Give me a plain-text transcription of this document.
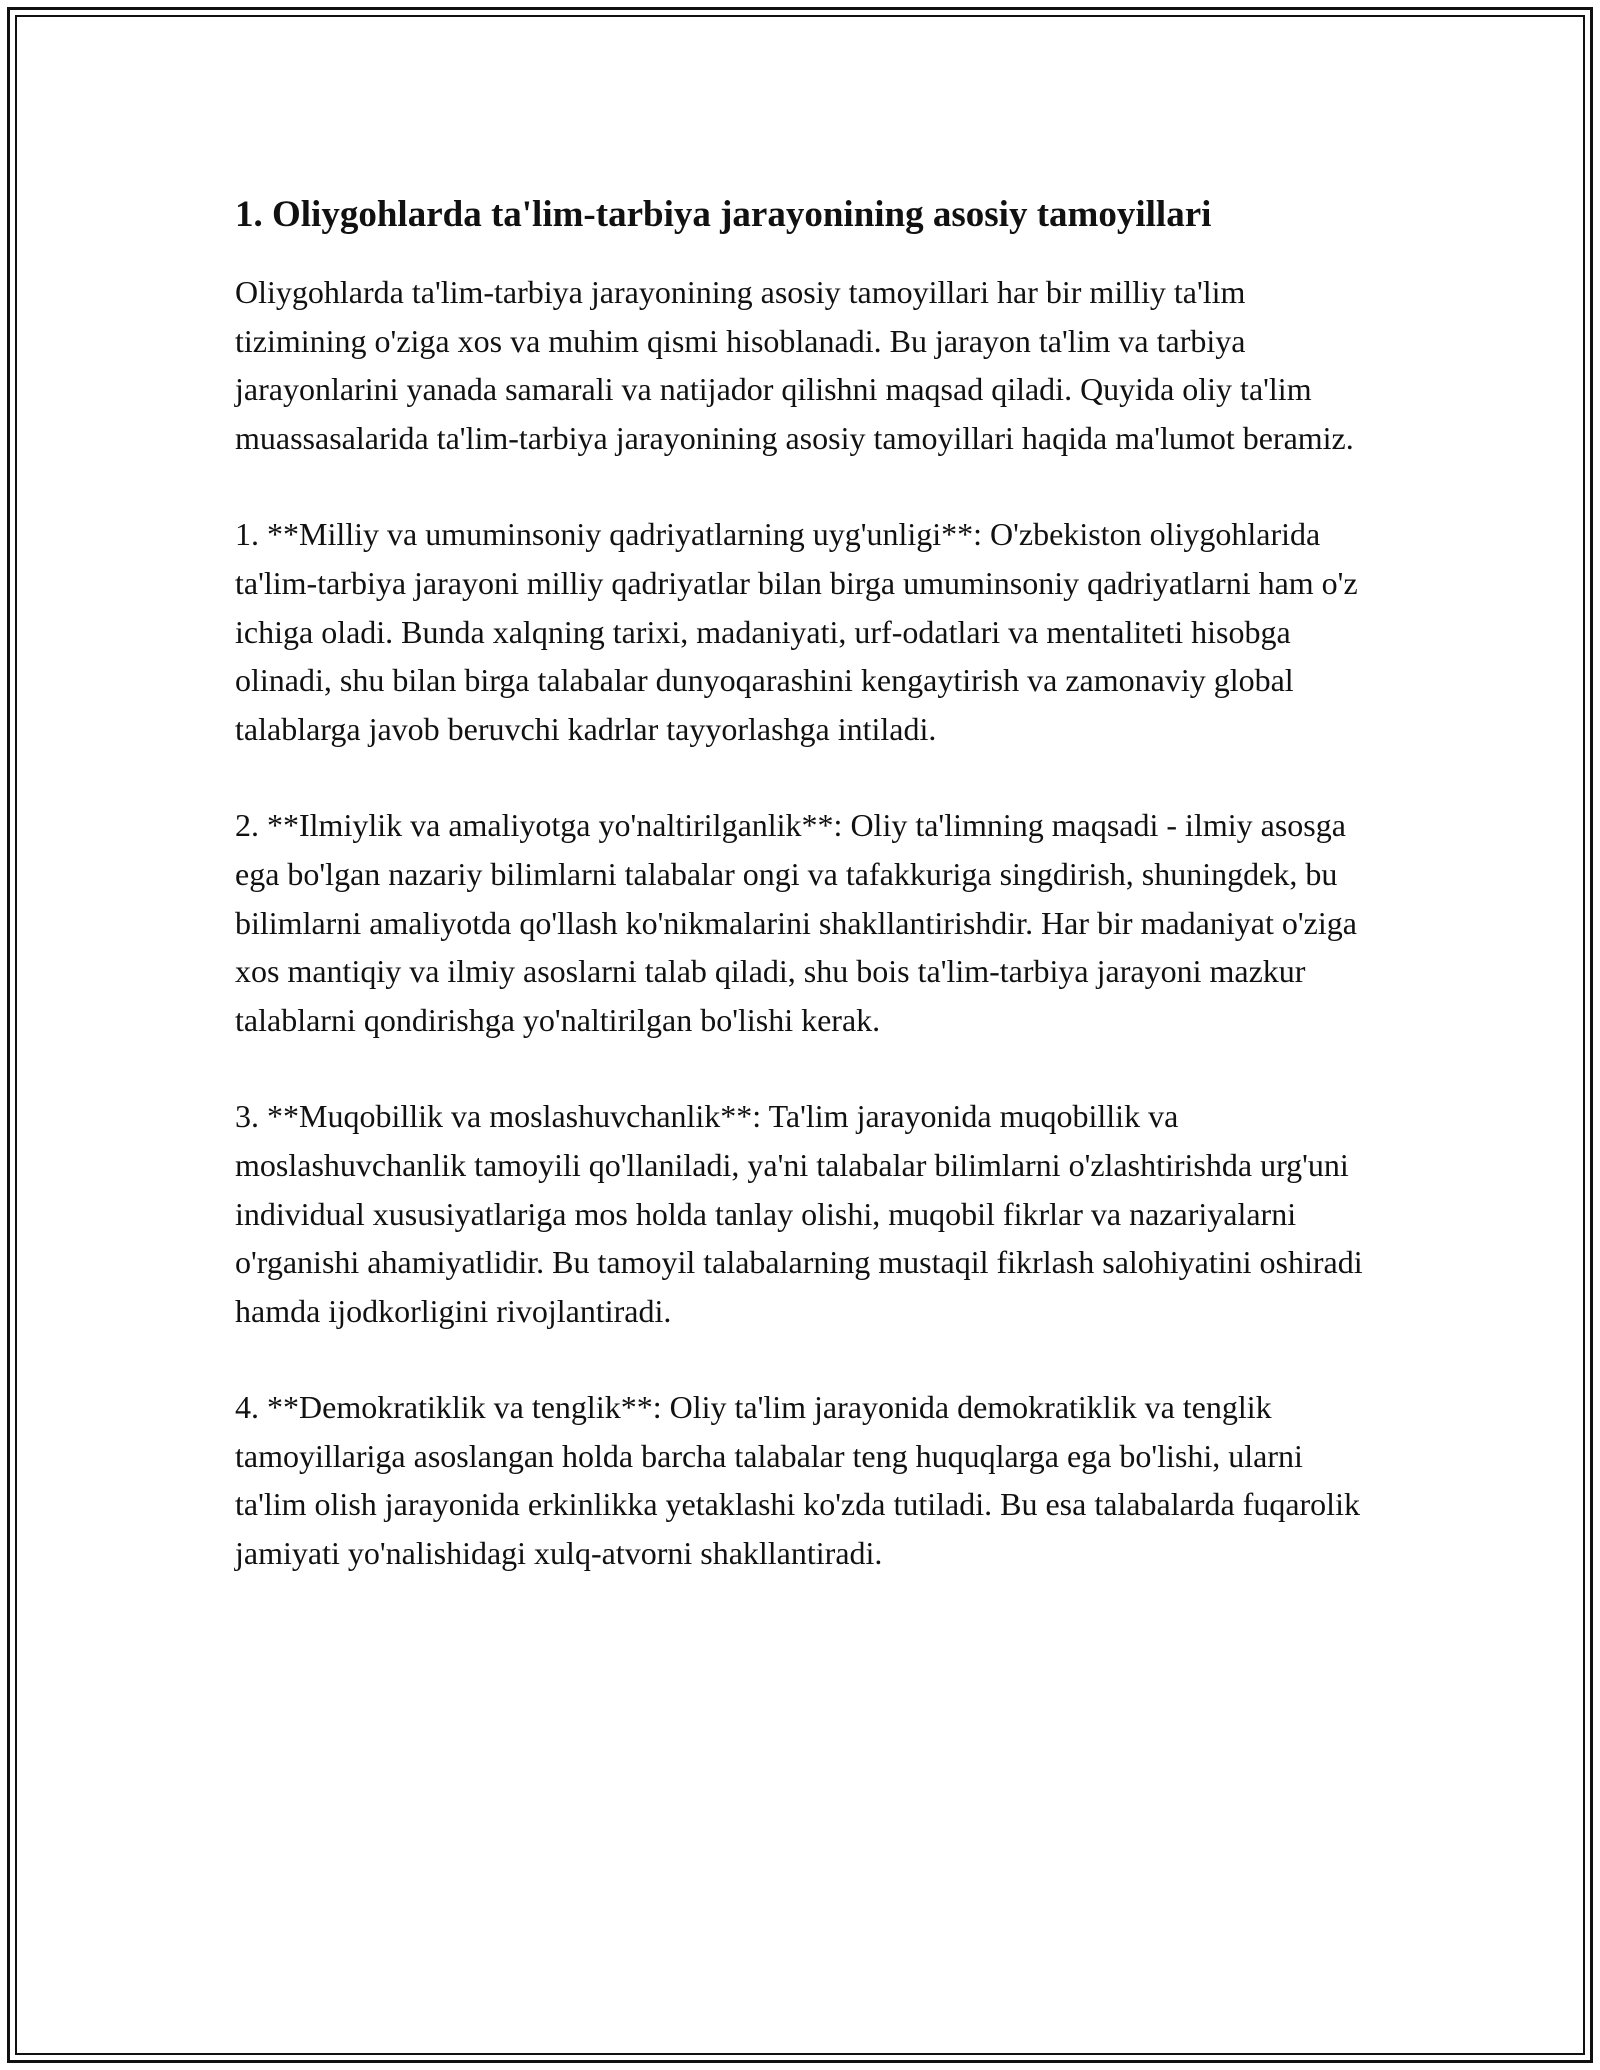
1. Oliygohlarda ta'lim-tarbiya jarayonining asosiy tamoyillari

Oliygohlarda ta'lim-tarbiya jarayonining asosiy tamoyillari har bir milliy ta'lim tizimining o'ziga xos va muhim qismi hisoblanadi. Bu jarayon ta'lim va tarbiya jarayonlarini yanada samarali va natijador qilishni maqsad qiladi. Quyida oliy ta'lim muassasalarida ta'lim-tarbiya jarayonining asosiy tamoyillari haqida ma'lumot beramiz.

1. **Milliy va umuminsoniy qadriyatlarning uyg'unligi**: O'zbekiston oliygohlarida ta'lim-tarbiya jarayoni milliy qadriyatlar bilan birga umuminsoniy qadriyatlarni ham o'z ichiga oladi. Bunda xalqning tarixi, madaniyati, urf-odatlari va mentaliteti hisobga olinadi, shu bilan birga talabalar dunyoqarashini kengaytirish va zamonaviy global talablarga javob beruvchi kadrlar tayyorlashga intiladi.

2. **Ilmiylik va amaliyotga yo'naltirilganlik**: Oliy ta'limning maqsadi - ilmiy asosga ega bo'lgan nazariy bilimlarni talabalar ongi va tafakkuriga singdirish, shuningdek, bu bilimlarni amaliyotda qo'llash ko'nikmalarini shakllantirishdir. Har bir madaniyat o'ziga xos mantiqiy va ilmiy asoslarni talab qiladi, shu bois ta'lim-tarbiya jarayoni mazkur talablarni qondirishga yo'naltirilgan bo'lishi kerak.

3. **Muqobillik va moslashuvchanlik**: Ta'lim jarayonida muqobillik va moslashuvchanlik tamoyili qo'llaniladi, ya'ni talabalar bilimlarni o'zlashtirishda urg'uni individual xususiyatlariga mos holda tanlay olishi, muqobil fikrlar va nazariyalarni o'rganishi ahamiyatlidir. Bu tamoyil talabalarning mustaqil fikrlash salohiyatini oshiradi hamda ijodkorligini rivojlantiradi.

4. **Demokratiklik va tenglik**: Oliy ta'lim jarayonida demokratiklik va tenglik tamoyillariga asoslangan holda barcha talabalar teng huquqlarga ega bo'lishi, ularni ta'lim olish jarayonida erkinlikka yetaklashi ko'zda tutiladi. Bu esa talabalarda fuqarolik jamiyati yo'nalishidagi xulq-atvorni shakllantiradi.
